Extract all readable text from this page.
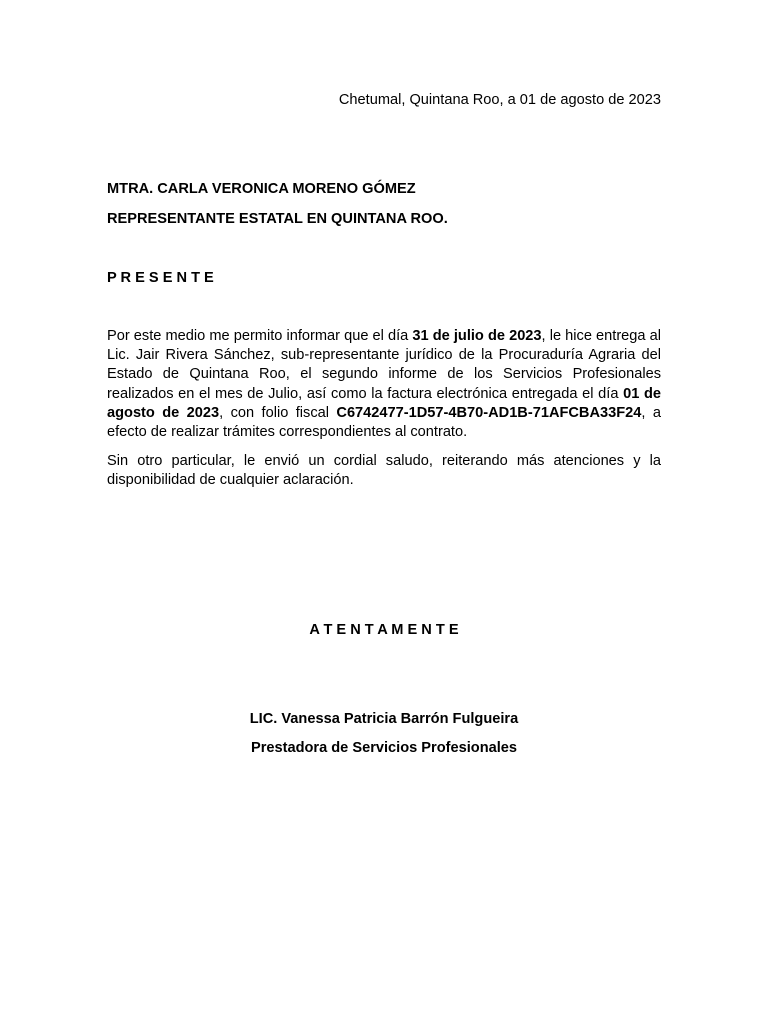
Chetumal, Quintana Roo, a 01 de agosto de 2023
MTRA. CARLA VERONICA MORENO GÓMEZ
REPRESENTANTE ESTATAL EN QUINTANA ROO.
P R E S E N T E

Por este medio me permito informar que el día 31 de julio de 2023, le hice entrega al Lic. Jair Rivera Sánchez, sub-representante jurídico de la Procuraduría Agraria del Estado de Quintana Roo, el segundo informe de los Servicios Profesionales realizados en el mes de Julio, así como la factura electrónica entregada el día 01 de agosto de 2023, con folio fiscal C6742477-1D57-4B70-AD1B-71AFCBA33F24, a efecto de realizar trámites correspondientes al contrato.

Sin otro particular, le envió un cordial saludo, reiterando más atenciones y la disponibilidad de cualquier aclaración.

A T E N T A M E N T E
LIC. Vanessa Patricia Barrón Fulgueira
Prestadora de Servicios Profesionales
